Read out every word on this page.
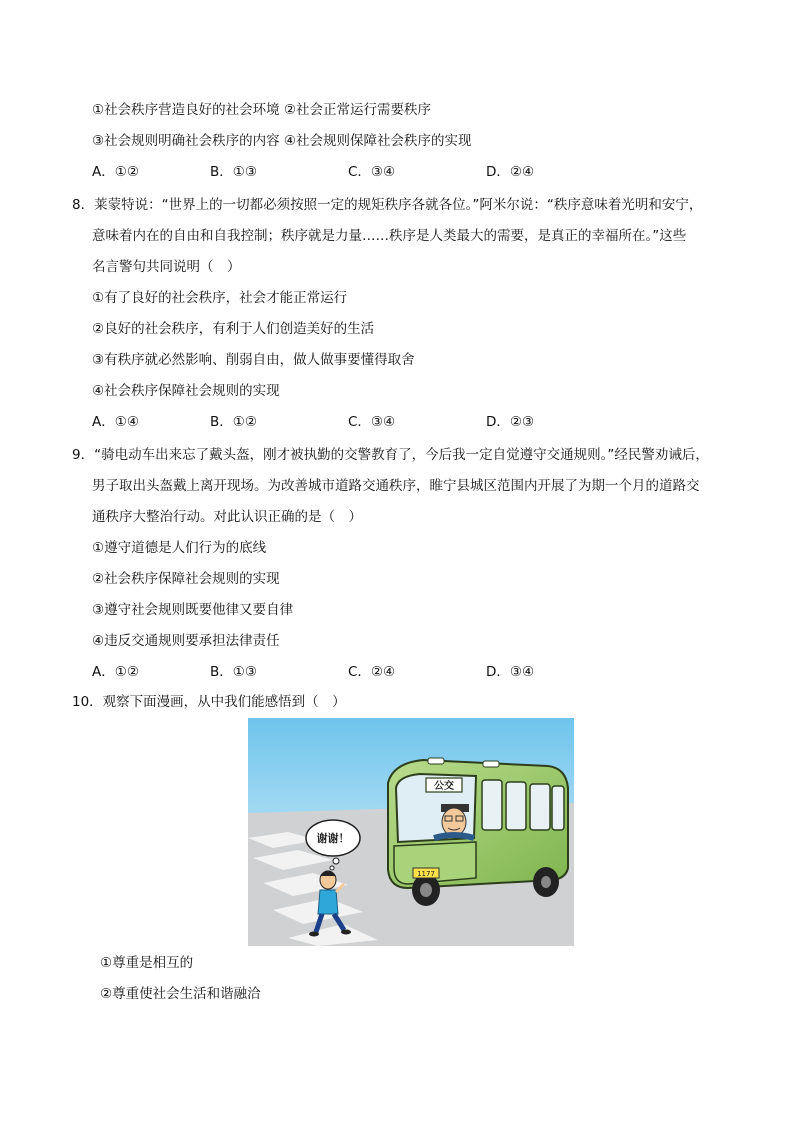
①社会秩序营造良好的社会环境 ②社会正常运行需要秩序
③社会规则明确社会秩序的内容 ④社会规则保障社会秩序的实现
A．①②	B．①③	C．③④	D．②④
8．莱蒙特说：“世界上的一切都必须按照一定的规矩秩序各就各位。”阿米尔说：“秩序意味着光明和安宁，
意味着内在的自由和自我控制；秩序就是力量……秩序是人类最大的需要，是真正的幸福所在。”这些
名言警句共同说明（　）
①有了良好的社会秩序，社会才能正常运行
②良好的社会秩序，有利于人们创造美好的生活
③有秩序就必然影响、削弱自由，做人做事要懂得取舍
④社会秩序保障社会规则的实现
A．①④	B．①②	C．③④	D．②③
9．“骑电动车出来忘了戴头盔，刚才被执勤的交警教育了，今后我一定自觉遵守交通规则。”经民警劝诫后，
男子取出头盔戴上离开现场。为改善城市道路交通秩序，睢宁县城区范围内开展了为期一个月的道路交
通秩序大整治行动。对此认识正确的是（　）
①遵守道德是人们行为的底线
②社会秩序保障社会规则的实现
③遵守社会规则既要他律又要自律
④违反交通规则要承担法律责任
A．①②	B．①③	C．②④	D．③④
10．观察下面漫画，从中我们能感悟到（　）
公交
1177
谢谢！
①尊重是相互的
②尊重使社会生活和谐融洽
